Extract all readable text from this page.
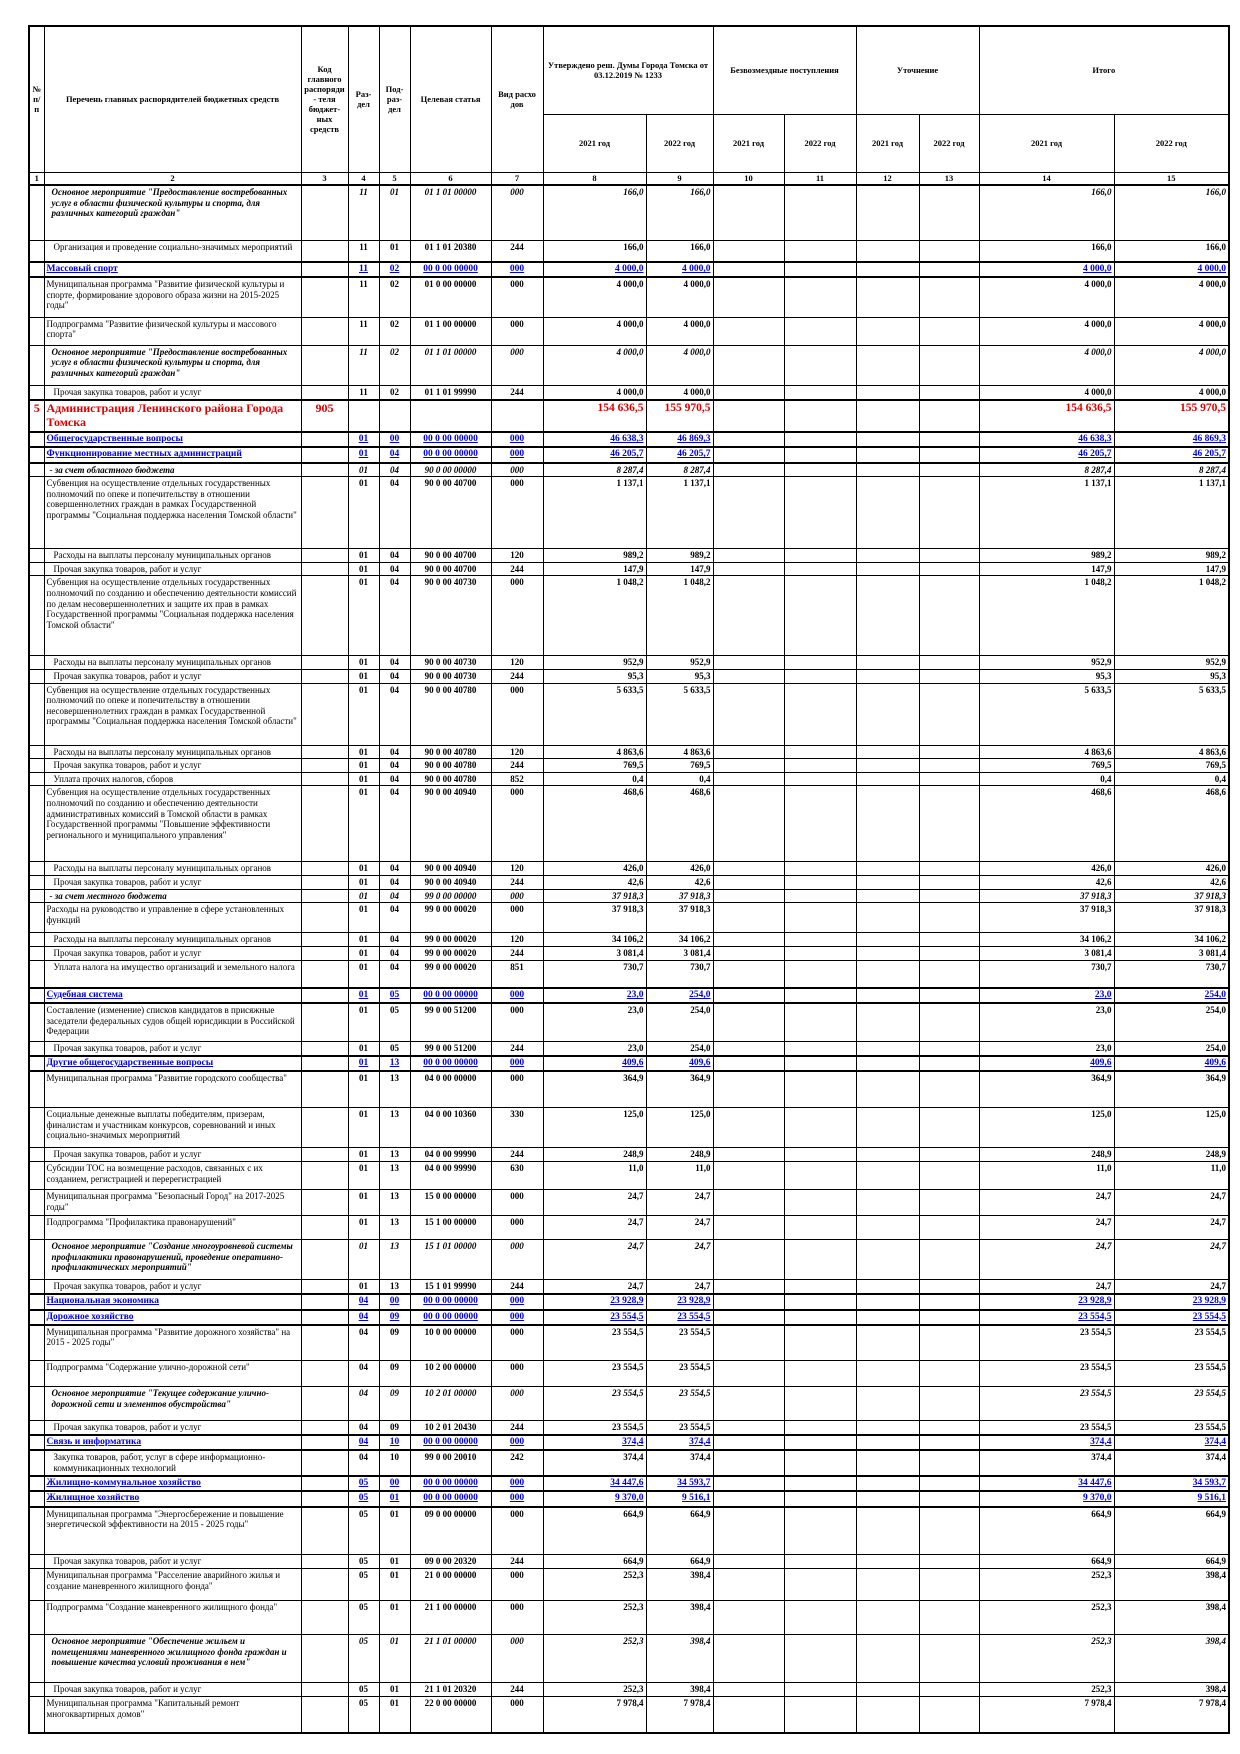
№ п/п	Перечень главных распорядителей бюджетных средств	Код главного распоряди- теля бюджет- ных средств	Раз- дел	Под- раз- дел	Целевая статья	Вид расхо дов	Утверждено реш. Думы Города Томска от 03.12.2019 № 1233		Безвозмездные поступления		Уточнение		Итого	
							2021 год	2022 год	2021 год	2022 год	2021 год	2022 год	2021 год	2022 год
1	2	3	4	5	6	7	8	9	10	11	12	13	14	15
	Основное мероприятие "Предоставление востребованных услуг в области физической культуры и спорта, для различных категорий граждан"		11	01	01 1 01 00000	000	166,0	166,0					166,0	166,0
	Организация и проведение социально-значимых мероприятий		11	01	01 1 01 20380	244	166,0	166,0					166,0	166,0
	Массовый спорт		11	02	00 0 00 00000	000	4 000,0	4 000,0					4 000,0	4 000,0
	Муниципальная программа "Развитие физической культуры и спорте, формирование здорового образа жизни на 2015-2025 годы"		11	02	01 0 00 00000	000	4 000,0	4 000,0					4 000,0	4 000,0
	Подпрограмма "Развитие физической культуры и массового спорта"		11	02	01 1 00 00000	000	4 000,0	4 000,0					4 000,0	4 000,0
	Основное мероприятие "Предоставление востребованных услуг в области физической культуры и спорта, для различных категорий граждан"		11	02	01 1 01 00000	000	4 000,0	4 000,0					4 000,0	4 000,0
	Прочая закупка товаров, работ и услуг		11	02	01 1 01 99990	244	4 000,0	4 000,0					4 000,0	4 000,0
5	Администрация Ленинского района Города Томска	905					154 636,5	155 970,5					154 636,5	155 970,5
	Общегосударственные вопросы		01	00	00 0 00 00000	000	46 638,3	46 869,3					46 638,3	46 869,3
	Функционирование местных администраций		01	04	00 0 00 00000	000	46 205,7	46 205,7					46 205,7	46 205,7
	- за счет областного бюджета		01	04	90 0 00 00000	000	8 287,4	8 287,4					8 287,4	8 287,4
	Субвенция на осуществление отдельных государственных полномочий по опеке и попечительству в отношении совершеннолетних граждан в рамках Государственной программы "Социальная поддержка населения Томской области"		01	04	90 0 00 40700	000	1 137,1	1 137,1					1 137,1	1 137,1
	Расходы на выплаты персоналу муниципальных органов		01	04	90 0 00 40700	120	989,2	989,2					989,2	989,2
	Прочая закупка товаров, работ и услуг		01	04	90 0 00 40700	244	147,9	147,9					147,9	147,9
	Субвенция на осуществление отдельных государственных полномочий по созданию и обеспечению деятельности комиссий по делам несовершеннолетних и защите их прав в рамках Государственной программы "Социальная поддержка населения Томской области"		01	04	90 0 00 40730	000	1 048,2	1 048,2					1 048,2	1 048,2
	Расходы на выплаты персоналу муниципальных органов		01	04	90 0 00 40730	120	952,9	952,9					952,9	952,9
	Прочая закупка товаров, работ и услуг		01	04	90 0 00 40730	244	95,3	95,3					95,3	95,3
	Субвенция на осуществление отдельных государственных полномочий по опеке и попечительству в отношении несовершеннолетних граждан в рамках Государственной программы "Социальная поддержка населения Томской области"		01	04	90 0 00 40780	000	5 633,5	5 633,5					5 633,5	5 633,5
	Расходы на выплаты персоналу муниципальных органов		01	04	90 0 00 40780	120	4 863,6	4 863,6					4 863,6	4 863,6
	Прочая закупка товаров, работ и услуг		01	04	90 0 00 40780	244	769,5	769,5					769,5	769,5
	Уплата прочих налогов, сборов		01	04	90 0 00 40780	852	0,4	0,4					0,4	0,4
	Субвенция на осуществление отдельных государственных полномочий по созданию и обеспечению деятельности административных комиссий в Томской области в рамках Государственной программы "Повышение эффективности регионального и муниципального управления"		01	04	90 0 00 40940	000	468,6	468,6					468,6	468,6
	Расходы на выплаты персоналу муниципальных органов		01	04	90 0 00 40940	120	426,0	426,0					426,0	426,0
	Прочая закупка товаров, работ и услуг		01	04	90 0 00 40940	244	42,6	42,6					42,6	42,6
	- за счет местного бюджета		01	04	99 0 00 00000	000	37 918,3	37 918,3					37 918,3	37 918,3
	Расходы на руководство и управление в сфере установленных функций		01	04	99 0 00 00020	000	37 918,3	37 918,3					37 918,3	37 918,3
	Расходы на выплаты персоналу муниципальных органов		01	04	99 0 00 00020	120	34 106,2	34 106,2					34 106,2	34 106,2
	Прочая закупка товаров, работ и услуг		01	04	99 0 00 00020	244	3 081,4	3 081,4					3 081,4	3 081,4
	Уплата налога на имущество организаций и земельного налога		01	04	99 0 00 00020	851	730,7	730,7					730,7	730,7
	Судебная система		01	05	00 0 00 00000	000	23,0	254,0					23,0	254,0
	Составление (изменение) списков кандидатов в присяжные заседатели федеральных судов общей юрисдикции в Российской Федерации		01	05	99 0 00 51200	000	23,0	254,0					23,0	254,0
	Прочая закупка товаров, работ и услуг		01	05	99 0 00 51200	244	23,0	254,0					23,0	254,0
	Другие общегосударственные вопросы		01	13	00 0 00 00000	000	409,6	409,6					409,6	409,6
	Муниципальная программа "Развитие городского сообщества"		01	13	04 0 00 00000	000	364,9	364,9					364,9	364,9
	Социальные денежные выплаты победителям, призерам, финалистам и участникам конкурсов, соревнований и иных социально-значимых мероприятий		01	13	04 0 00 10360	330	125,0	125,0					125,0	125,0
	Прочая закупка товаров, работ и услуг		01	13	04 0 00 99990	244	248,9	248,9					248,9	248,9
	Субсидии ТОС на возмещение расходов, связанных с их созданием, регистрацией и перерегистрацией		01	13	04 0 00 99990	630	11,0	11,0					11,0	11,0
	Муниципальная программа "Безопасный Город" на 2017-2025 годы"		01	13	15 0 00 00000	000	24,7	24,7					24,7	24,7
	Подпрограмма "Профилактика правонарушений"		01	13	15 1 00 00000	000	24,7	24,7					24,7	24,7
	Основное мероприятие "Создание многоуровневой системы профилактики правонарушений, проведение оперативно-профилактических мероприятий"		01	13	15 1 01 00000	000	24,7	24,7					24,7	24,7
	Прочая закупка товаров, работ и услуг		01	13	15 1 01 99990	244	24,7	24,7					24,7	24,7
	Национальная экономика		04	00	00 0 00 00000	000	23 928,9	23 928,9					23 928,9	23 928,9
	Дорожное хозяйство		04	09	00 0 00 00000	000	23 554,5	23 554,5					23 554,5	23 554,5
	Муниципальная программа "Развитие дорожного хозяйства" на 2015 - 2025 годы"		04	09	10 0 00 00000	000	23 554,5	23 554,5					23 554,5	23 554,5
	Подпрограмма "Содержание улично-дорожной сети"		04	09	10 2 00 00000	000	23 554,5	23 554,5					23 554,5	23 554,5
	Основное мероприятие "Текущее содержание улично-дорожной сети и элементов обустройства"		04	09	10 2 01 00000	000	23 554,5	23 554,5					23 554,5	23 554,5
	Прочая закупка товаров, работ и услуг		04	09	10 2 01 20430	244	23 554,5	23 554,5					23 554,5	23 554,5
	Связь и информатика		04	10	00 0 00 00000	000	374,4	374,4					374,4	374,4
	Закупка товаров, работ, услуг в сфере информационно-коммуникационных технологий		04	10	99 0 00 20010	242	374,4	374,4					374,4	374,4
	Жилищно-коммунальное хозяйство		05	00	00 0 00 00000	000	34 447,6	34 593,7					34 447,6	34 593,7
	Жилищное хозяйство		05	01	00 0 00 00000	000	9 370,0	9 516,1					9 370,0	9 516,1
	Муниципальная программа "Энергосбережение и повышение энергетической эффективности на 2015 - 2025 годы"		05	01	09 0 00 00000	000	664,9	664,9					664,9	664,9
	Прочая закупка товаров, работ и услуг		05	01	09 0 00 20320	244	664,9	664,9					664,9	664,9
	Муниципальная программа "Расселение аварийного жилья и создание маневренного жилищного фонда"		05	01	21 0 00 00000	000	252,3	398,4					252,3	398,4
	Подпрограмма "Создание маневренного жилищного фонда"		05	01	21 1 00 00000	000	252,3	398,4					252,3	398,4
	Основное мероприятие "Обеспечение жильем и помещениями маневренного жилищного фонда граждан и повышение качества условий проживания в нем"		05	01	21 1 01 00000	000	252,3	398,4					252,3	398,4
	Прочая закупка товаров, работ и услуг		05	01	21 1 01 20320	244	252,3	398,4					252,3	398,4
	Муниципальная программа "Капитальный ремонт многоквартирных домов"		05	01	22 0 00 00000	000	7 978,4	7 978,4					7 978,4	7 978,4
